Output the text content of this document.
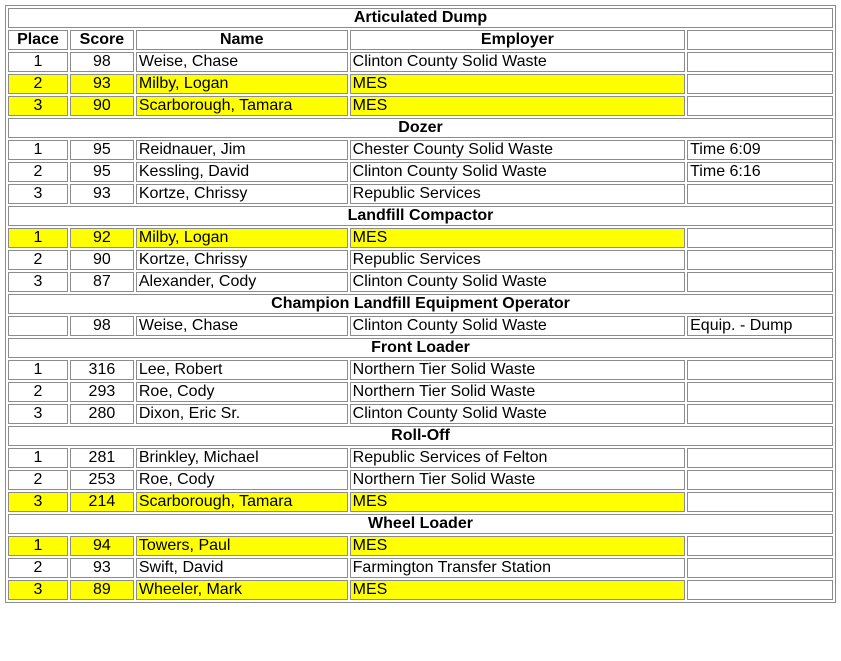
Articulated Dump				
Place	Score	Name	Employer	
1	98	Weise, Chase	Clinton County Solid Waste	
2	93	Milby, Logan	MES	
3	90	Scarborough, Tamara	MES	
Dozer				
1	95	Reidnauer, Jim	Chester County Solid Waste	Time 6:09
2	95	Kessling, David	Clinton County Solid Waste	Time 6:16
3	93	Kortze, Chrissy	Republic Services	
Landfill Compactor				
1	92	Milby, Logan	MES	
2	90	Kortze, Chrissy	Republic Services	
3	87	Alexander, Cody	Clinton County Solid Waste	
Champion Landfill Equipment Operator				
	98	Weise, Chase	Clinton County Solid Waste	Equip. - Dump
Front Loader				
1	316	Lee, Robert	Northern Tier Solid Waste	
2	293	Roe, Cody	Northern Tier Solid Waste	
3	280	Dixon, Eric Sr.	Clinton County Solid Waste	
Roll-Off				
1	281	Brinkley, Michael	Republic Services of Felton	
2	253	Roe, Cody	Northern Tier Solid Waste	
3	214	Scarborough, Tamara	MES	
Wheel Loader				
1	94	Towers, Paul	MES	
2	93	Swift, David	Farmington Transfer Station	
3	89	Wheeler, Mark	MES	
